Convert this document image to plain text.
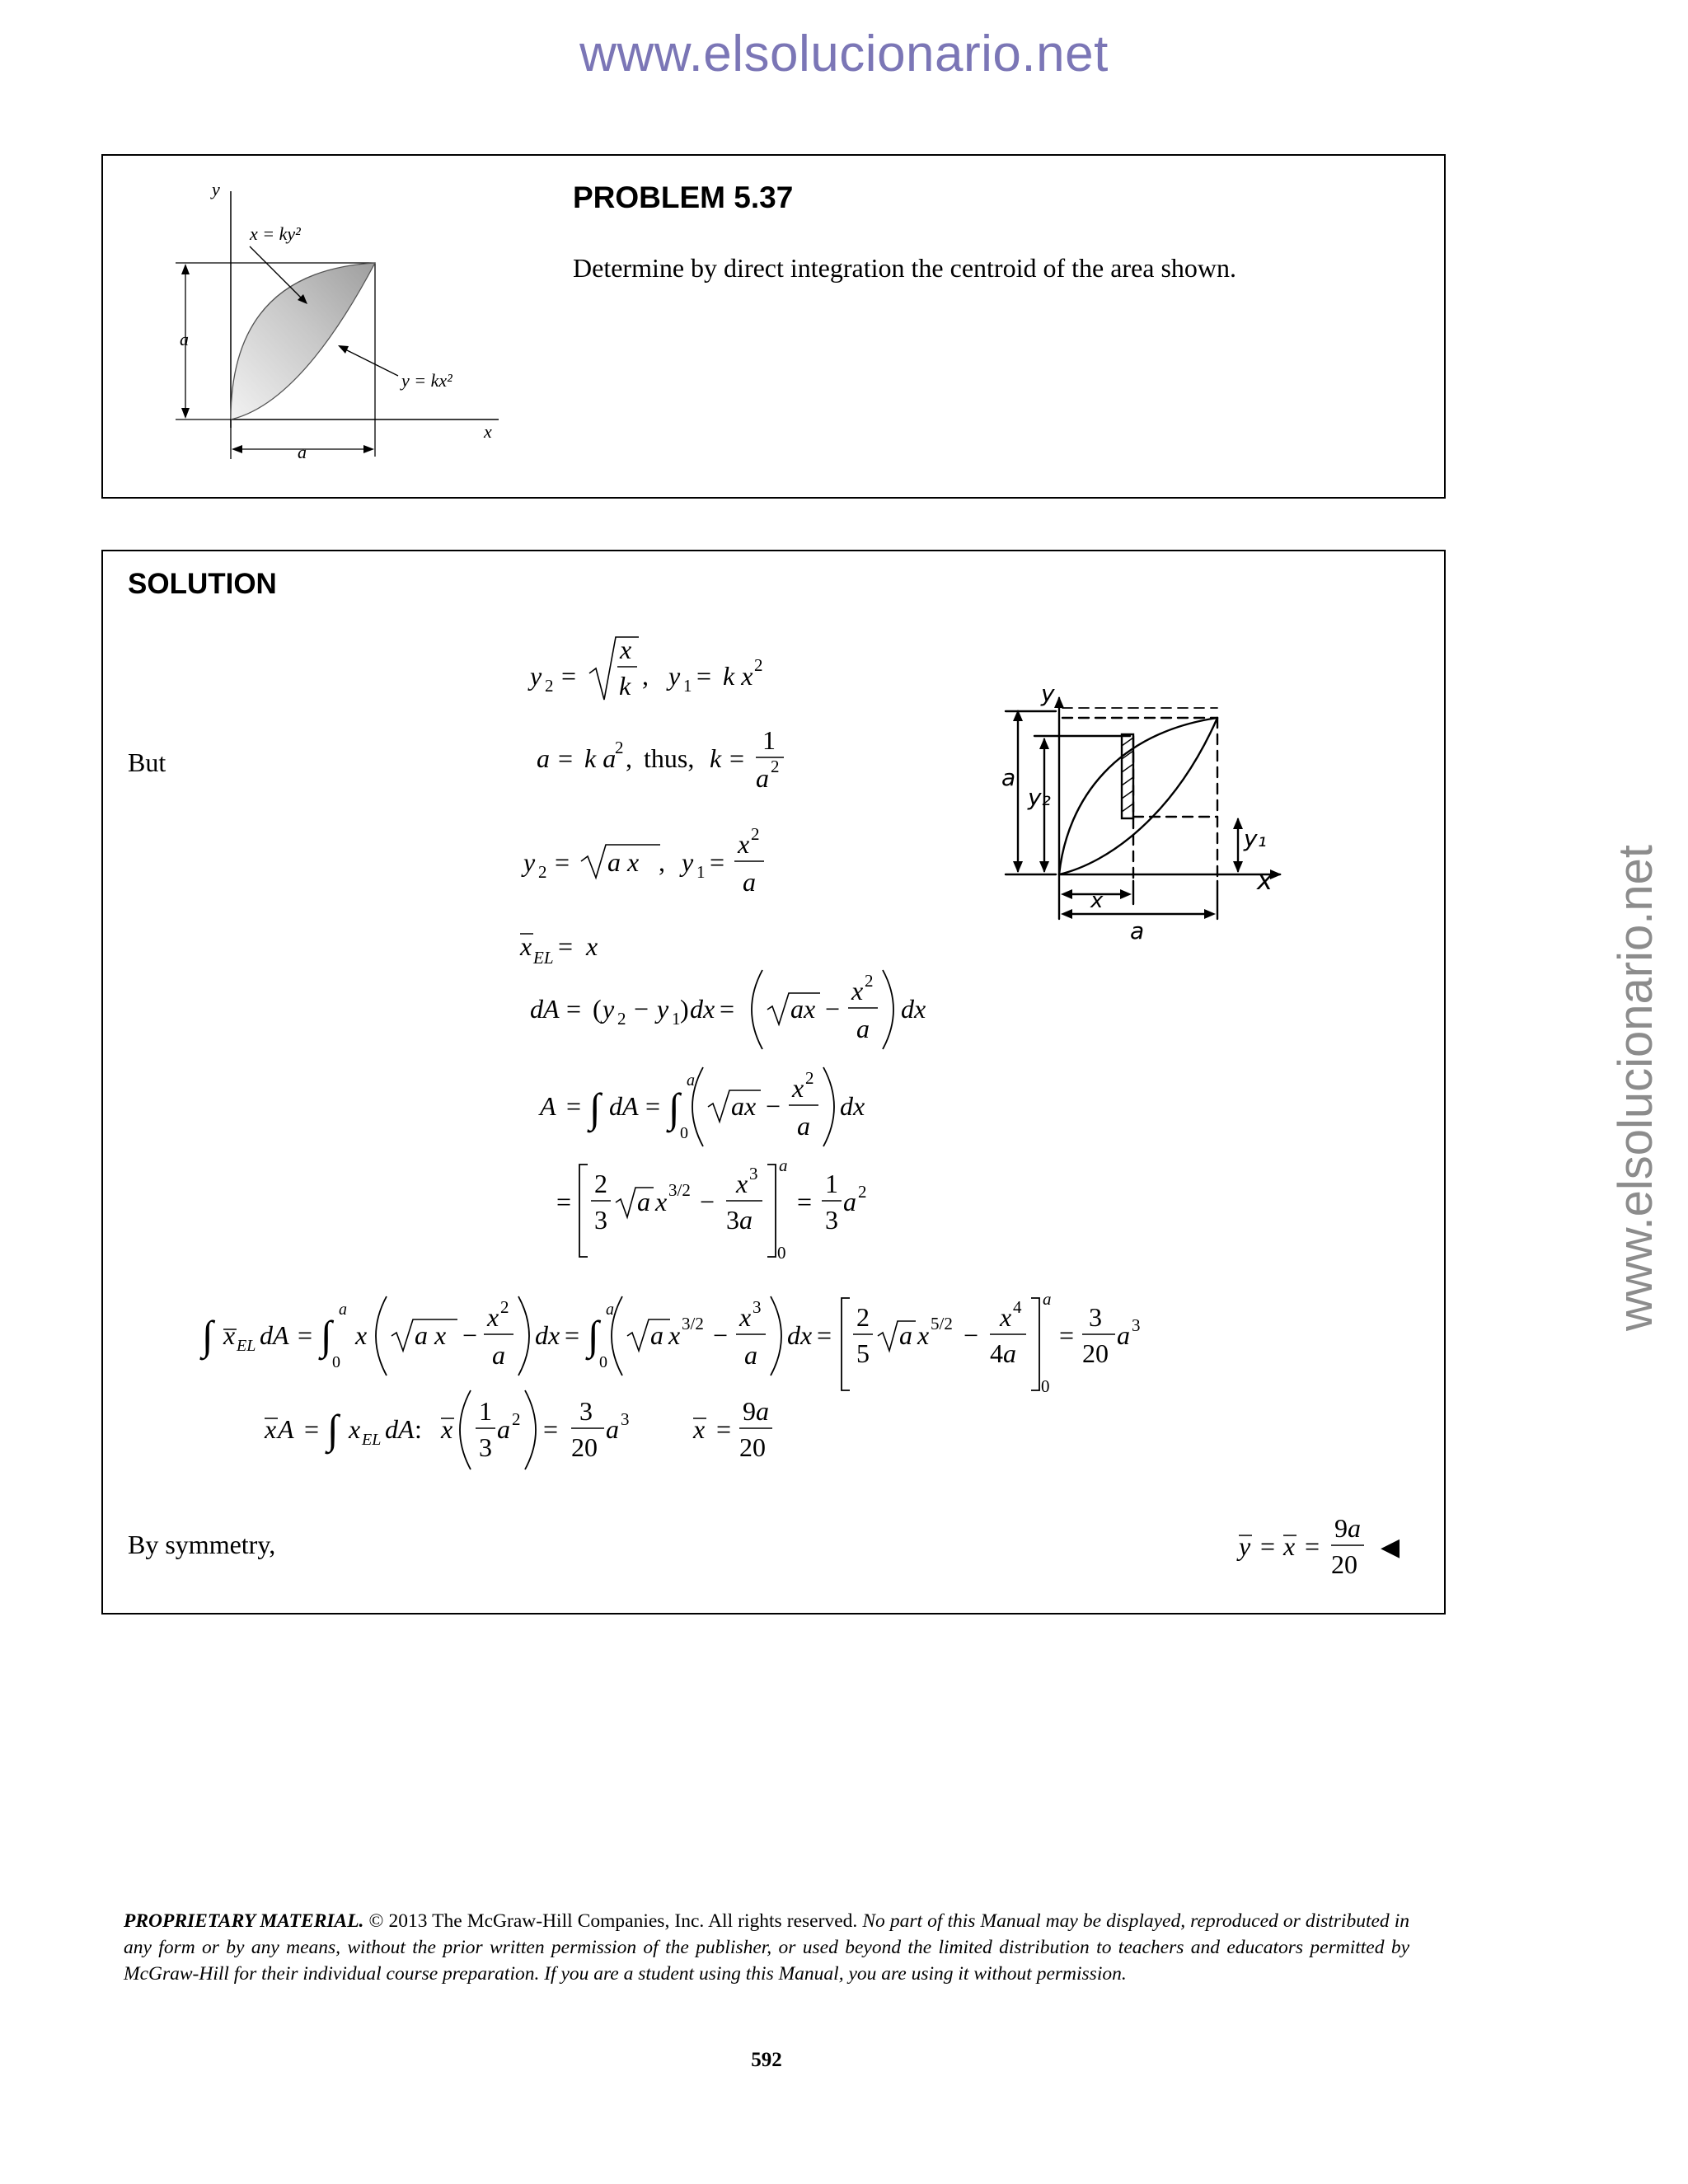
www.elsolucionario.net
www.elsolucionario.net
PROBLEM 5.37
Determine by direct integration the centroid of the area shown.
y
x
a
a
x = ky²
y = kx²
SOLUTION
But
By symmetry,
y 2 =
x
k , y 1 = k x 2
a = k a
2 , thus, k =
1
a 2
y 2 = a x , y 1 =
x 2
a
x EL = x
dA = ( y 2 − y 1 ) dx = ax −
x 2
a
dx
A = ∫ dA = ∫
a
0
ax −
x 2
a
dx
=
2
3
a x 3/2 −
x 3
3 a
a
0
=
1
3
a 2
∫ x EL dA = ∫
a
0
x a x −
x 2
a
dx = ∫
a
0
a x 3/2 −
x 3
a
dx =
2
5
a x 5/2 −
x 4
4 a
a
0
=
3
20
a 3
x A = ∫ x EL dA : x
1
3
a 2 =
3
20
a 3 x =
9 a
20
y = x =
9 a
20
◀
y
x
a
y₂
y₁
x
a
PROPRIETARY MATERIAL. © 2013 The McGraw-Hill Companies, Inc. All rights reserved. No part of this Manual may be displayed, reproduced or distributed in any form or by any means, without the prior written permission of the publisher, or used beyond the limited distribution to teachers and educators permitted by McGraw-Hill for their individual course preparation. If you are a student using this Manual, you are using it without permission.
592
